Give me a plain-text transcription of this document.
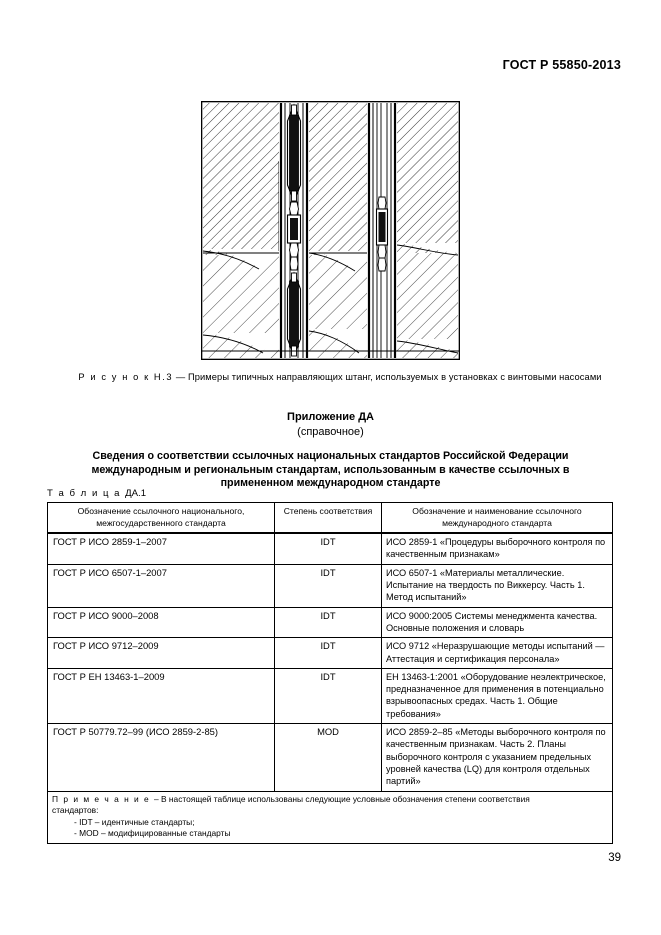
ГОСТ Р 55850-2013
Р и с у н о к Н.3 — Примеры типичных направляющих штанг, используемых в установках с винтовыми насосами
Приложение ДА
(справочное)
Сведения о соответствии ссылочных национальных стандартов Российской Федерации международным и региональным стандартам, использованным в качестве ссылочных в примененном международном стандарте
Т а б л и ц а ДА.1
Обозначение ссылочного национального, межгосударственного стандарта	Степень соответствия	Обозначение и наименование ссылочного международного стандарта
ГОСТ Р ИСО 2859-1–2007	IDT	ИСО 2859-1 «Процедуры выборочного контроля по качественным признакам»
ГОСТ Р ИСО 6507-1–2007	IDT	ИСО 6507-1 «Материалы металлические. Испытание на твердость по Виккерсу. Часть 1. Метод испытаний»
ГОСТ Р ИСО 9000–2008	IDT	ИСО 9000:2005 Системы менеджмента качества. Основные положения и словарь
ГОСТ Р ИСО 9712–2009	IDT	ИСО 9712 «Неразрушающие методы испытаний — Аттестация и сертификация персонала»
ГОСТ Р ЕН 13463-1–2009	IDT	ЕН 13463-1:2001 «Оборудование неэлектрическое, предназначенное для применения в потенциально взрывоопасных средах. Часть 1. Общие требования»
ГОСТ Р 50779.72–99 (ИСО 2859-2-85)	MOD	ИСО 2859-2–85 «Методы выборочного контроля по качественным признакам. Часть 2. Планы выборочного контроля с указанием предельных уровней качества (LQ) для контроля отдельных партий»

П р и м е ч а н и е – В настоящей таблице использованы следующие условные обозначения степени соответствия
стандартов:
- IDT – идентичные стандарты;
- MOD – модифицированные стандарты		
39
